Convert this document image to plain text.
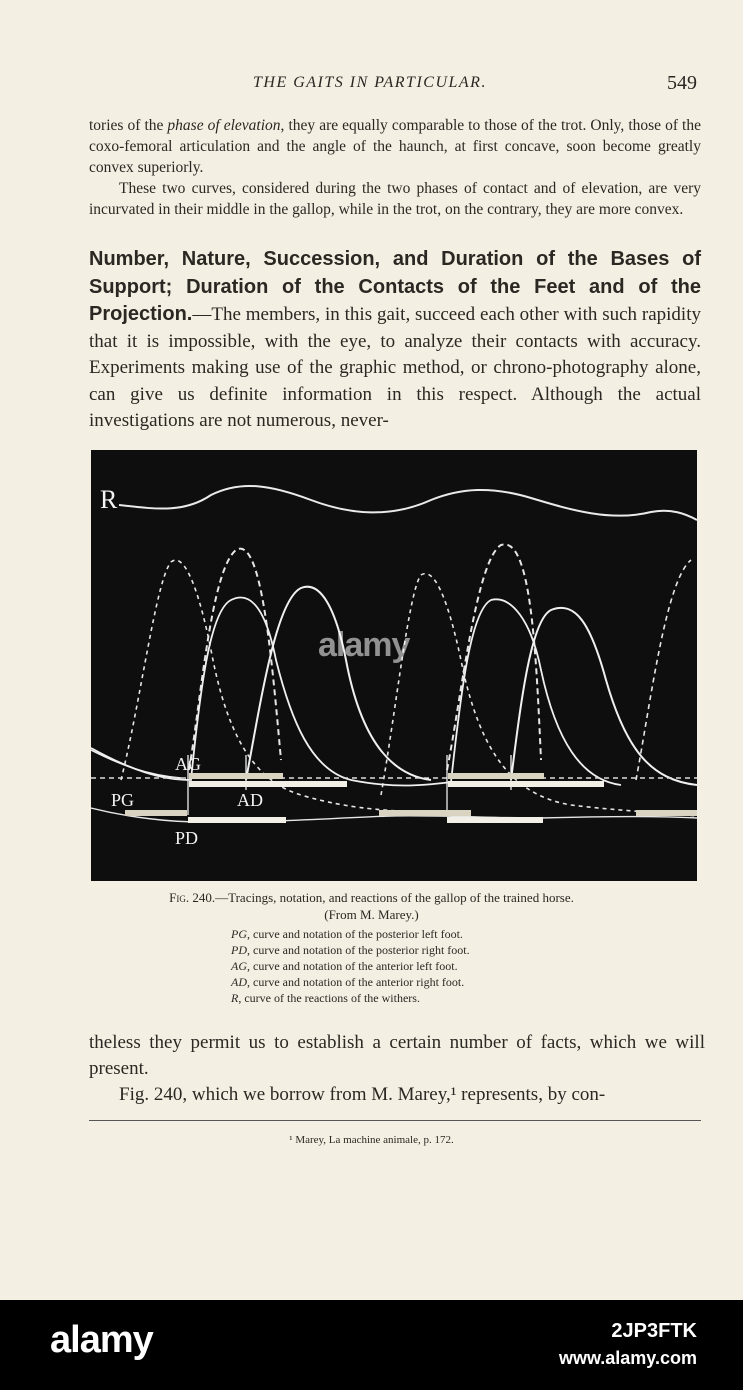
THE GAITS IN PARTICULAR.	549

tories of the phase of elevation, they are equally comparable to those of the trot. Only, those of the coxo-femoral articulation and the angle of the haunch, at first concave, soon become greatly convex superiorly.

These two curves, considered during the two phases of contact and of elevation, are very incurvated in their middle in the gallop, while in the trot, on the contrary, they are more convex.

Number, Nature, Succession, and Duration of the Bases of Support; Duration of the Contacts of the Feet and of the Projection.—The members, in this gait, succeed each other with such rapidity that it is impossible, with the eye, to analyze their contacts with accuracy. Experiments making use of the graphic method, or chrono-photography alone, can give us definite information in this respect. Although the actual investigations are not numerous, never-
R
AG
AD
PG
PD
alamy
Fig. 240.—Tracings, notation, and reactions of the gallop of the trained horse.
(From M. Marey.)
PG, curve and notation of the posterior left foot.
PD, curve and notation of the posterior right foot.
AG, curve and notation of the anterior left foot.
AD, curve and notation of the anterior right foot.
R, curve of the reactions of the withers.
theless they permit us to establish a certain number of facts, which we will present.
Fig. 240, which we borrow from M. Marey,¹ represents, by con-
¹ Marey, La machine animale, p. 172.
alamy	2JP3FTK
www.alamy.com
